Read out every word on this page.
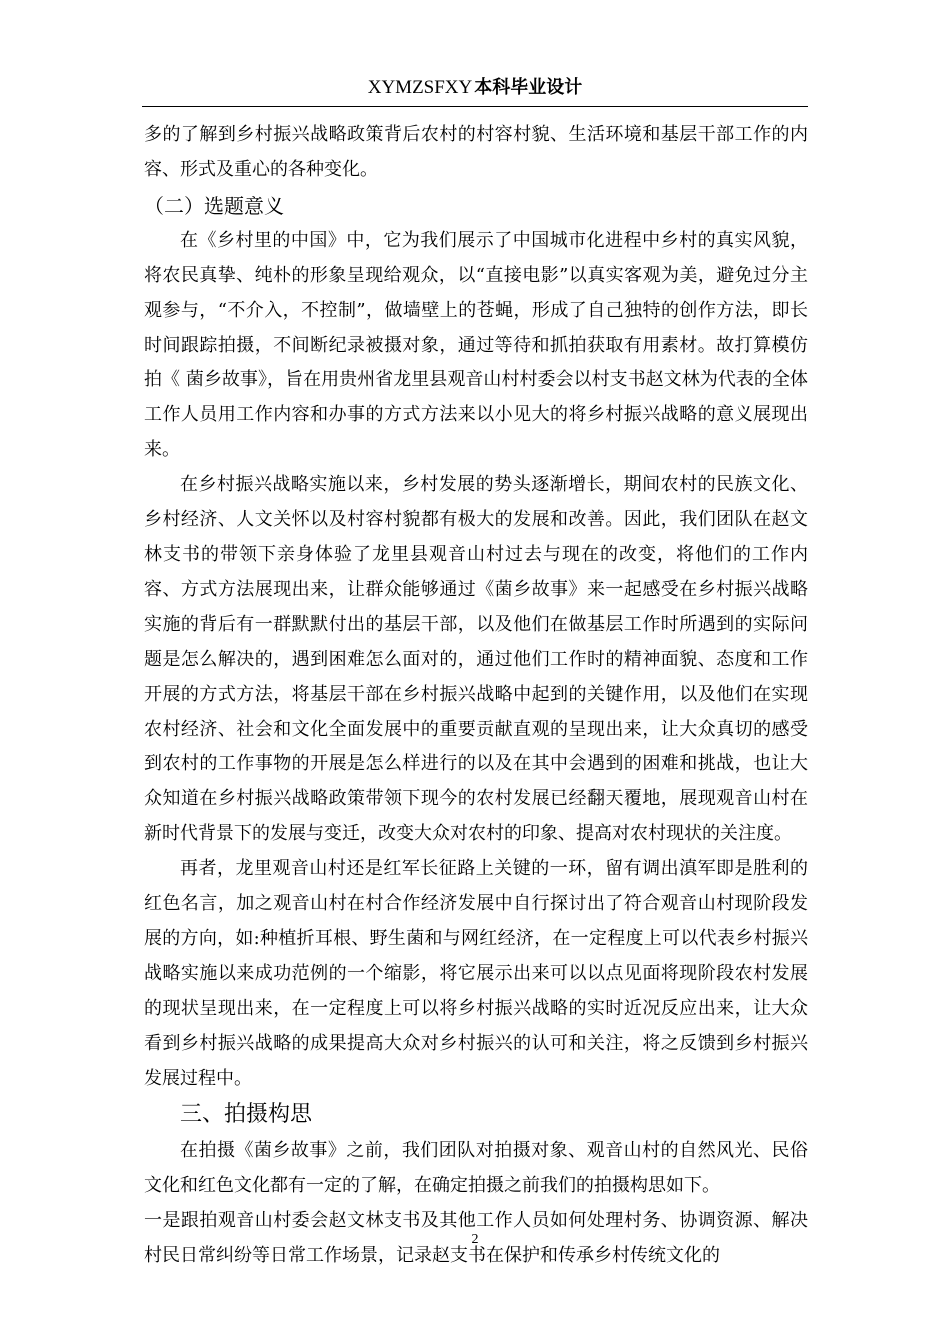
XYMZSFXY 本科毕业设计

多的了解到乡村振兴战略政策背后农村的村容村貌、生活环境和基层干部工作的内容、形式及重心的各种变化。

（二）选题意义

在《乡村里的中国》中，它为我们展示了中国城市化进程中乡村的真实风貌，将农民真挚、纯朴的形象呈现给观众，以“直接电影”以真实客观为美，避免过分主观参与，“不介入，不控制”，做墙壁上的苍蝇，形成了自己独特的创作方法，即长时间跟踪拍摄，不间断纪录被摄对象，通过等待和抓拍获取有用素材。故打算模仿拍《 菌乡故事》，旨在用贵州省龙里县观音山村村委会以村支书赵文林为代表的全体工作人员用工作内容和办事的方式方法来以小见大的将乡村振兴战略的意义展现出来。

在乡村振兴战略实施以来，乡村发展的势头逐渐增长，期间农村的民族文化、乡村经济、人文关怀以及村容村貌都有极大的发展和改善。因此，我们团队在赵文林支书的带领下亲身体验了龙里县观音山村过去与现在的改变，将他们的工作内容、方式方法展现出来，让群众能够通过《菌乡故事》来一起感受在乡村振兴战略实施的背后有一群默默付出的基层干部，以及他们在做基层工作时所遇到的实际问题是怎么解决的，遇到困难怎么面对的，通过他们工作时的精神面貌、态度和工作开展的方式方法，将基层干部在乡村振兴战略中起到的关键作用，以及他们在实现农村经济、社会和文化全面发展中的重要贡献直观的呈现出来，让大众真切的感受到农村的工作事物的开展是怎么样进行的以及在其中会遇到的困难和挑战，也让大众知道在乡村振兴战略政策带领下现今的农村发展已经翻天覆地，展现观音山村在新时代背景下的发展与变迁，改变大众对农村的印象、提高对农村现状的关注度。

再者，龙里观音山村还是红军长征路上关键的一环，留有调出滇军即是胜利的红色名言，加之观音山村在村合作经济发展中自行探讨出了符合观音山村现阶段发展的方向，如:种植折耳根、野生菌和与网红经济，在一定程度上可以代表乡村振兴战略实施以来成功范例的一个缩影，将它展示出来可以以点见面将现阶段农村发展的现状呈现出来，在一定程度上可以将乡村振兴战略的实时近况反应出来，让大众看到乡村振兴战略的成果提高大众对乡村振兴的认可和关注，将之反馈到乡村振兴发展过程中。

三、拍摄构思

在拍摄《菌乡故事》之前，我们团队对拍摄对象、观音山村的自然风光、民俗文化和红色文化都有一定的了解，在确定拍摄之前我们的拍摄构思如下。

一是跟拍观音山村委会赵文林支书及其他工作人员如何处理村务、协调资源、解决村民日常纠纷等日常工作场景，记录赵支书在保护和传承乡村传统文化的

2
